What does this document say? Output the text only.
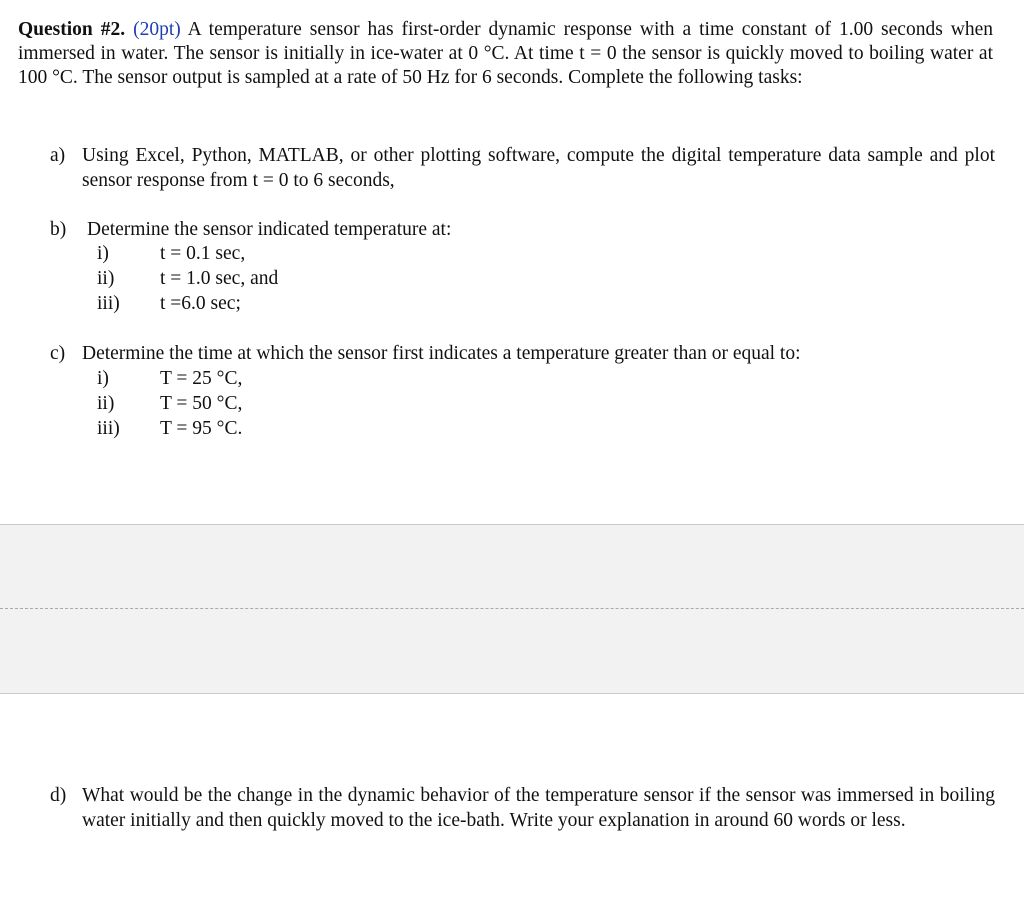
Question #2. (20pt) A temperature sensor has first-order dynamic response with a time constant of 1.00 seconds when immersed in water. The sensor is initially in ice-water at 0 °C. At time t = 0 the sensor is quickly moved to boiling water at 100 °C. The sensor output is sampled at a rate of 50 Hz for 6 seconds. Complete the following tasks:
a) Using Excel, Python, MATLAB, or other plotting software, compute the digital temperature data sample and plot sensor response from t = 0 to 6 seconds,
b) Determine the sensor indicated temperature at:
i)	t = 0.1 sec,
ii) t = 1.0 sec, and
iii) t =6.0 sec;
c) Determine the time at which the sensor first indicates a temperature greater than or equal to:
i)	T = 25 °C,
ii) T = 50 °C,
iii) T = 95 °C.
d) What would be the change in the dynamic behavior of the temperature sensor if the sensor was immersed in boiling water initially and then quickly moved to the ice-bath. Write your explanation in around 60 words or less.
